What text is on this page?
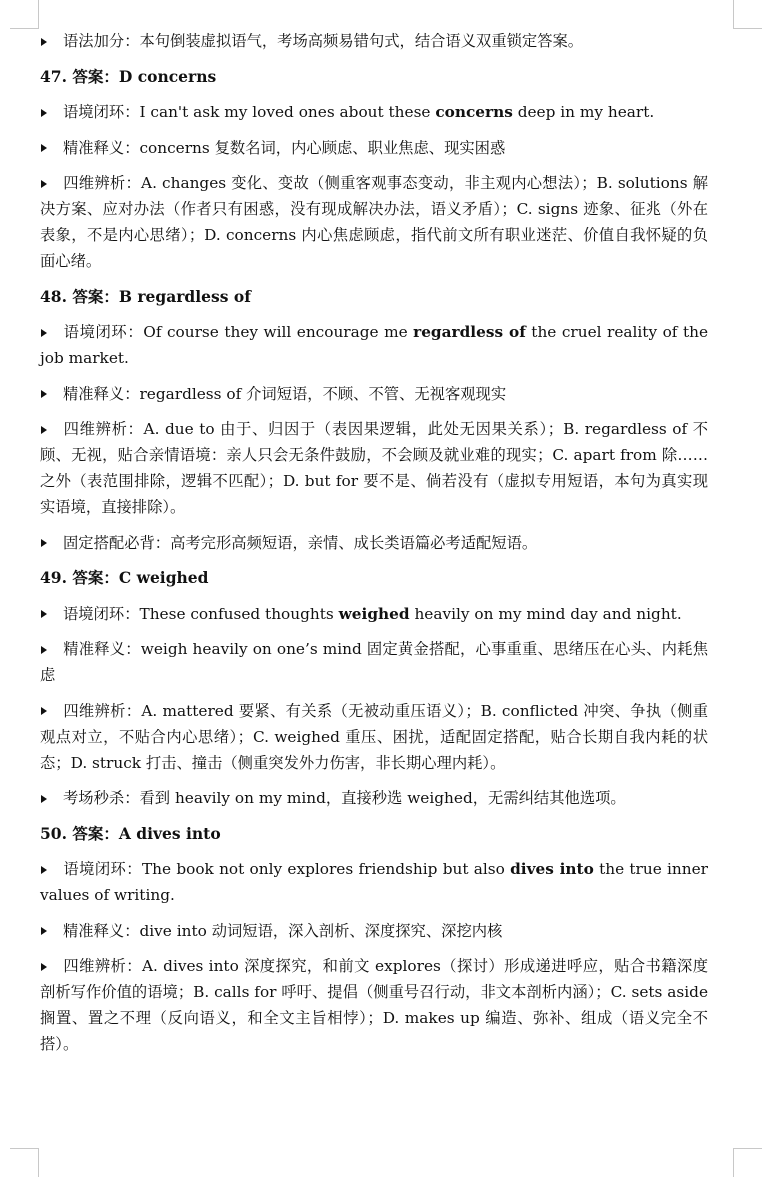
语法加分：本句倒装虚拟语气，考场高频易错句式，结合语义双重锁定答案。

47. 答案：D concerns

语境闭环：I can't ask my loved ones about these concerns deep in my heart.

精准释义：concerns 复数名词，内心顾虑、职业焦虑、现实困惑

四维辨析：A. changes 变化、变故（侧重客观事态变动，非主观内心想法）；B. solutions 解决方案、应对办法（作者只有困惑，没有现成解决办法，语义矛盾）；C. signs 迹象、征兆（外在表象，不是内心思绪）；D. concerns 内心焦虑顾虑，指代前文所有职业迷茫、价值自我怀疑的负面心绪。

48. 答案：B regardless of

语境闭环：Of course they will encourage me regardless of the cruel reality of the job market.

精准释义：regardless of 介词短语，不顾、不管、无视客观现实

四维辨析：A. due to 由于、归因于（表因果逻辑，此处无因果关系）；B. regardless of 不顾、无视，贴合亲情语境：亲人只会无条件鼓励，不会顾及就业难的现实；C. apart from 除……之外（表范围排除，逻辑不匹配）；D. but for 要不是、倘若没有（虚拟专用短语，本句为真实现实语境，直接排除）。

固定搭配必背：高考完形高频短语，亲情、成长类语篇必考适配短语。

49. 答案：C weighed

语境闭环：These confused thoughts weighed heavily on my mind day and night.

精准释义：weigh heavily on one’s mind 固定黄金搭配，心事重重、思绪压在心头、内耗焦虑

四维辨析：A. mattered 要紧、有关系（无被动重压语义）；B. conflicted 冲突、争执（侧重观点对立，不贴合内心思绪）；C. weighed 重压、困扰，适配固定搭配，贴合长期自我内耗的状态；D. struck 打击、撞击（侧重突发外力伤害，非长期心理内耗）。

考场秒杀：看到 heavily on my mind，直接秒选 weighed，无需纠结其他选项。

50. 答案：A dives into

语境闭环：The book not only explores friendship but also dives into the true inner values of writing.

精准释义：dive into 动词短语，深入剖析、深度探究、深挖内核

四维辨析：A. dives into 深度探究，和前文 explores（探讨）形成递进呼应，贴合书籍深度剖析写作价值的语境；B. calls for 呼吁、提倡（侧重号召行动，非文本剖析内涵）；C. sets aside 搁置、置之不理（反向语义，和全文主旨相悖）；D. makes up 编造、弥补、组成（语义完全不搭）。
